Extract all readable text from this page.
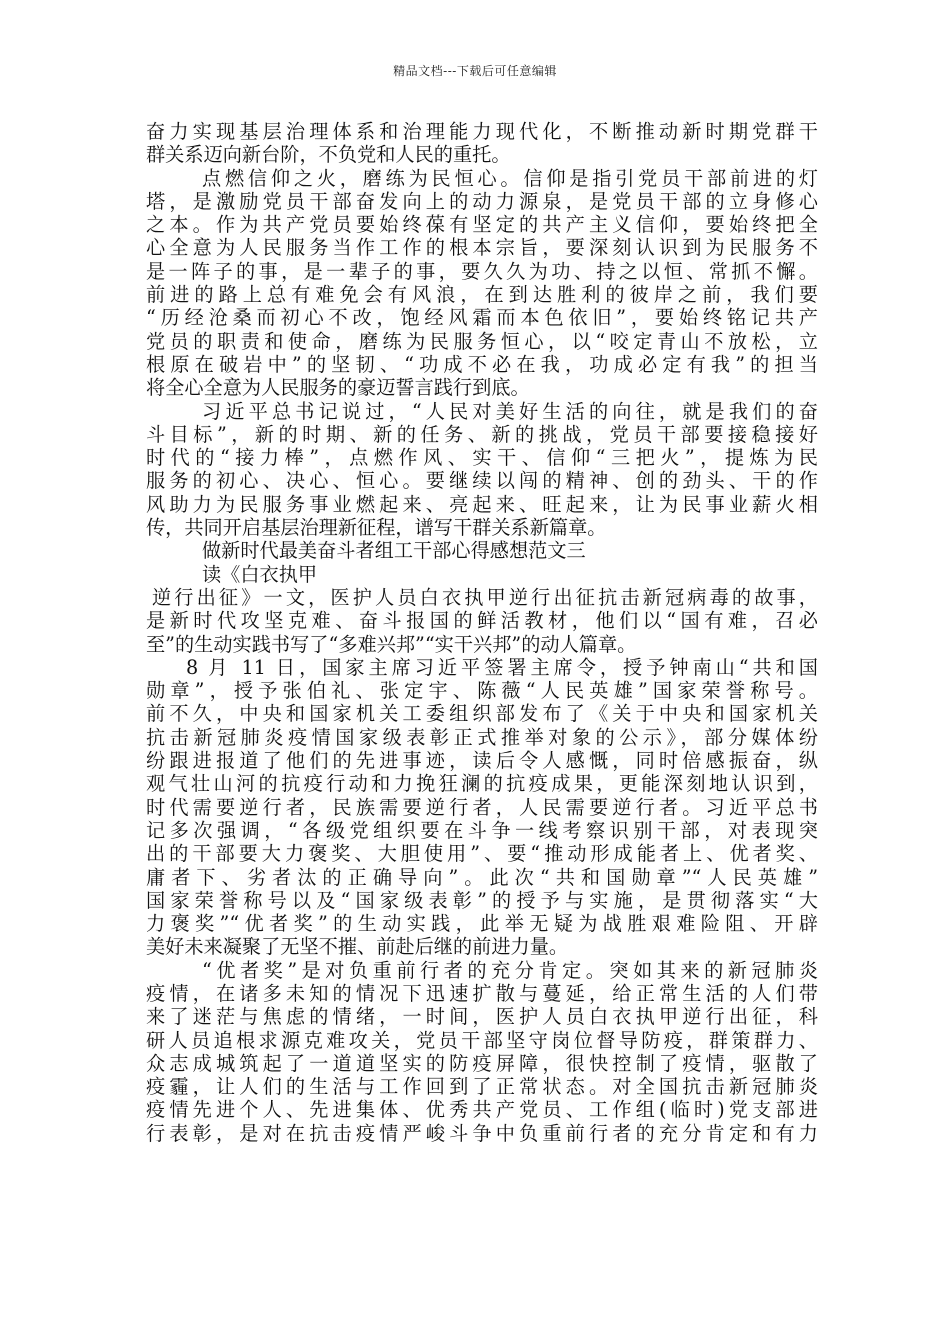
精品文档---下载后可任意编辑
奋力实现基层治理体系和治理能力现代化，不断推动新时期党群干
群关系迈向新台阶，不负党和人民的重托。
点燃信仰之火，磨练为民恒心。信仰是指引党员干部前进的灯
塔，是激励党员干部奋发向上的动力源泉，是党员干部的立身修心
之本。作为共产党员要始终葆有坚定的共产主义信仰，要始终把全
心全意为人民服务当作工作的根本宗旨，要深刻认识到为民服务不
是一阵子的事，是一辈子的事，要久久为功、持之以恒、常抓不懈。
前进的路上总有难免会有风浪，在到达胜利的彼岸之前，我们要
“历经沧桑而初心不改，饱经风霜而本色依旧”，要始终铭记共产
党员的职责和使命，磨练为民服务恒心，以“咬定青山不放松，立
根原在破岩中”的坚韧、“功成不必在我，功成必定有我”的担当
将全心全意为人民服务的豪迈誓言践行到底。
习近平总书记说过，“人民对美好生活的向往，就是我们的奋
斗目标”，新的时期、新的任务、新的挑战，党员干部要接稳接好
时代的“接力棒”，点燃作风、实干、信仰“三把火”，提炼为民
服务的初心、决心、恒心。要继续以闯的精神、创的劲头、干的作
风助力为民服务事业燃起来、亮起来、旺起来，让为民事业薪火相
传，共同开启基层治理新征程，谱写干群关系新篇章。
做新时代最美奋斗者组工干部心得感想范文三
读《白衣执甲
逆行出征》一文，医护人员白衣执甲逆行出征抗击新冠病毒的故事，
是新时代攻坚克难、奋斗报国的鲜活教材，他们以“国有难，召必
至”的生动实践书写了“多难兴邦”“实干兴邦”的动人篇章。
8 月 11 日，国家主席习近平签署主席令，授予钟南山“共和国
勋章”，授予张伯礼、张定宇、陈薇“人民英雄”国家荣誉称号。
前不久，中央和国家机关工委组织部发布了《关于中央和国家机关
抗击新冠肺炎疫情国家级表彰正式推举对象的公示》，部分媒体纷
纷跟进报道了他们的先进事迹，读后令人感慨，同时倍感振奋，纵
观气壮山河的抗疫行动和力挽狂澜的抗疫成果，更能深刻地认识到，
时代需要逆行者，民族需要逆行者，人民需要逆行者。习近平总书
记多次强调，“各级党组织要在斗争一线考察识别干部，对表现突
出的干部要大力褒奖、大胆使用”、要“推动形成能者上、优者奖、
庸者下、劣者汰的正确导向”。此次“共和国勋章”“人民英雄”
国家荣誉称号以及“国家级表彰”的授予与实施，是贯彻落实“大
力褒奖”“优者奖”的生动实践，此举无疑为战胜艰难险阻、开辟
美好未来凝聚了无坚不摧、前赴后继的前进力量。
“优者奖”是对负重前行者的充分肯定。突如其来的新冠肺炎
疫情，在诸多未知的情况下迅速扩散与蔓延，给正常生活的人们带
来了迷茫与焦虑的情绪，一时间，医护人员白衣执甲逆行出征，科
研人员追根求源克难攻关，党员干部坚守岗位督导防疫，群策群力、
众志成城筑起了一道道坚实的防疫屏障，很快控制了疫情，驱散了
疫霾，让人们的生活与工作回到了正常状态。对全国抗击新冠肺炎
疫情先进个人、先进集体、优秀共产党员、工作组(临时)党支部进
行表彰，是对在抗击疫情严峻斗争中负重前行者的充分肯定和有力
